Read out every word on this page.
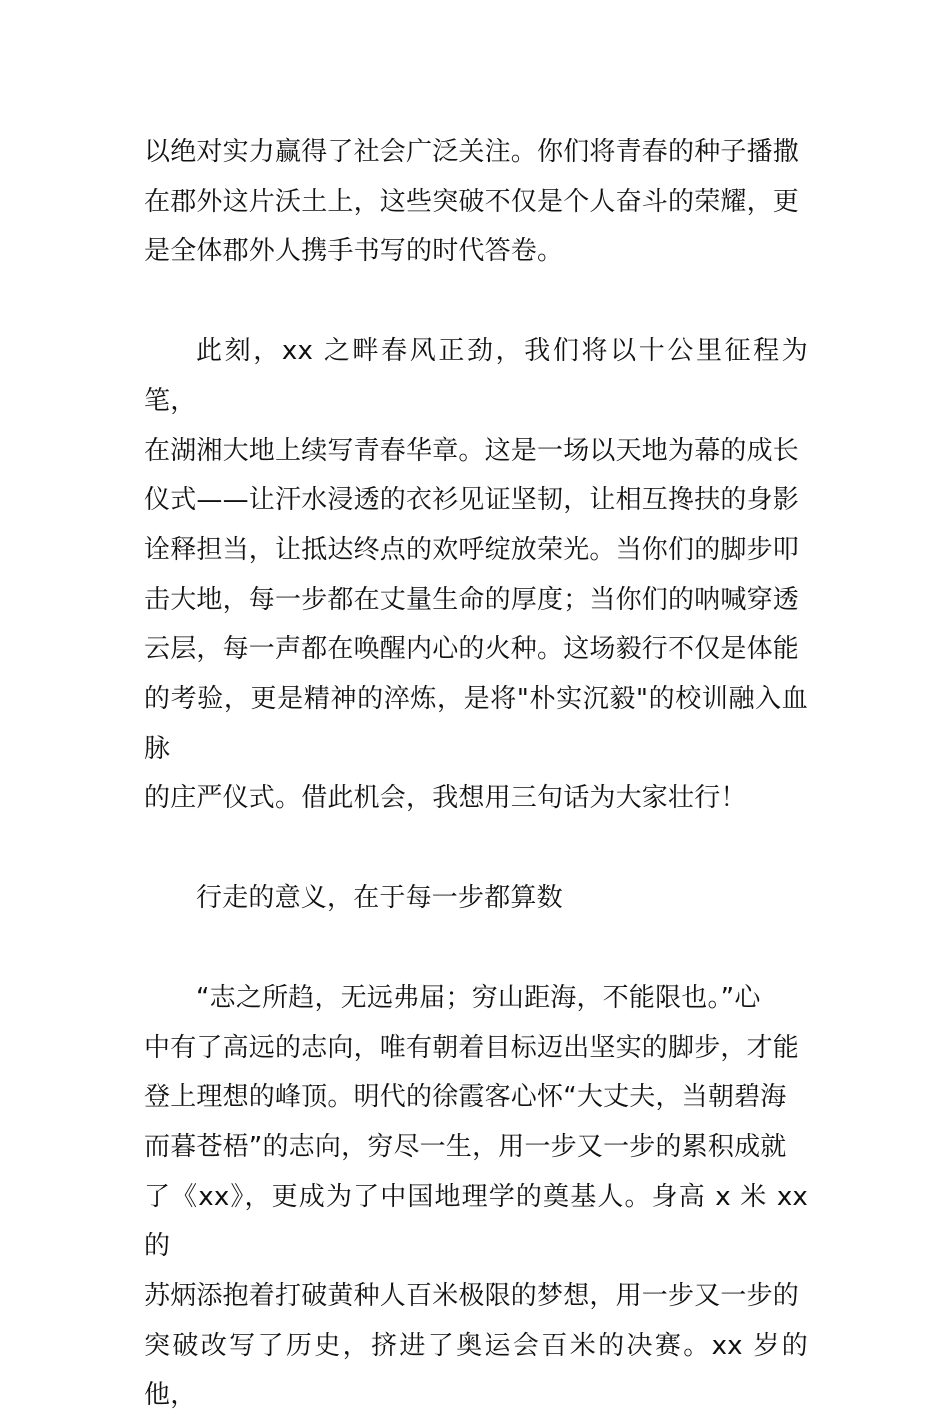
以绝对实力赢得了社会广泛关注。你们将青春的种子播撒
在郡外这片沃土上，这些突破不仅是个人奋斗的荣耀，更
是全体郡外人携手书写的时代答卷。

此刻，xx 之畔春风正劲，我们将以十公里征程为笔，
在湖湘大地上续写青春华章。这是一场以天地为幕的成长
仪式——让汗水浸透的衣衫见证坚韧，让相互搀扶的身影
诠释担当，让抵达终点的欢呼绽放荣光。当你们的脚步叩
击大地，每一步都在丈量生命的厚度；当你们的呐喊穿透
云层，每一声都在唤醒内心的火种。这场毅行不仅是体能
的考验，更是精神的淬炼，是将"朴实沉毅"的校训融入血脉
的庄严仪式。借此机会，我想用三句话为大家壮行！

行走的意义，在于每一步都算数

“志之所趋，无远弗届；穷山距海，不能限也。”心
中有了高远的志向，唯有朝着目标迈出坚实的脚步，才能
登上理想的峰顶。明代的徐霞客心怀“大丈夫，当朝碧海
而暮苍梧”的志向，穷尽一生，用一步又一步的累积成就
了《xx》，更成为了中国地理学的奠基人。身高 x 米 xx 的
苏炳添抱着打破黄种人百米极限的梦想，用一步又一步的
突破改写了历史，挤进了奥运会百米的决赛。xx 岁的他，
